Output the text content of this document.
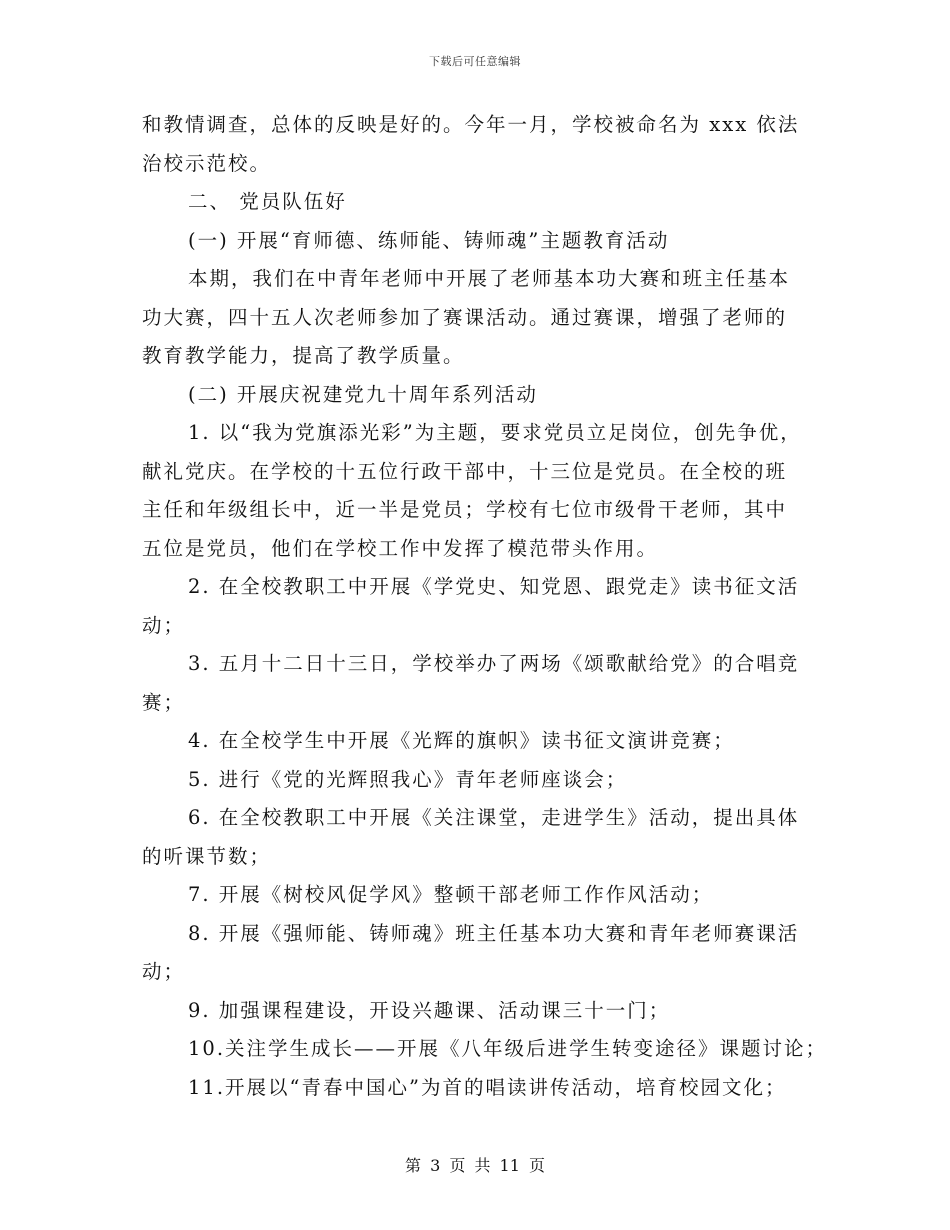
下载后可任意编辑
和教情调查，总体的反映是好的。今年一月，学校被命名为 xxx 依法
治校示范校。
二、 党员队伍好
(一) 开展“育师德、练师能、铸师魂”主题教育活动
本期，我们在中青年老师中开展了老师基本功大赛和班主任基本
功大赛，四十五人次老师参加了赛课活动。通过赛课，增强了老师的
教育教学能力，提高了教学质量。
(二) 开展庆祝建党九十周年系列活动
1. 以“我为党旗添光彩”为主题，要求党员立足岗位，创先争优，
献礼党庆。在学校的十五位行政干部中，十三位是党员。在全校的班
主任和年级组长中，近一半是党员；学校有七位市级骨干老师，其中
五位是党员，他们在学校工作中发挥了模范带头作用。
2. 在全校教职工中开展《学党史、知党恩、跟党走》读书征文活
动；
3. 五月十二日十三日，学校举办了两场《颂歌献给党》的合唱竞
赛；
4. 在全校学生中开展《光辉的旗帜》读书征文演讲竞赛；
5. 进行《党的光辉照我心》青年老师座谈会；
6. 在全校教职工中开展《关注课堂，走进学生》活动，提出具体
的听课节数；
7. 开展《树校风促学风》整顿干部老师工作作风活动；
8. 开展《强师能、铸师魂》班主任基本功大赛和青年老师赛课活
动；
9. 加强课程建设，开设兴趣课、活动课三十一门；
10.关注学生成长——开展《八年级后进学生转变途径》课题讨论；
11.开展以“青春中国心”为首的唱读讲传活动，培育校园文化；
第 3 页 共 11 页
